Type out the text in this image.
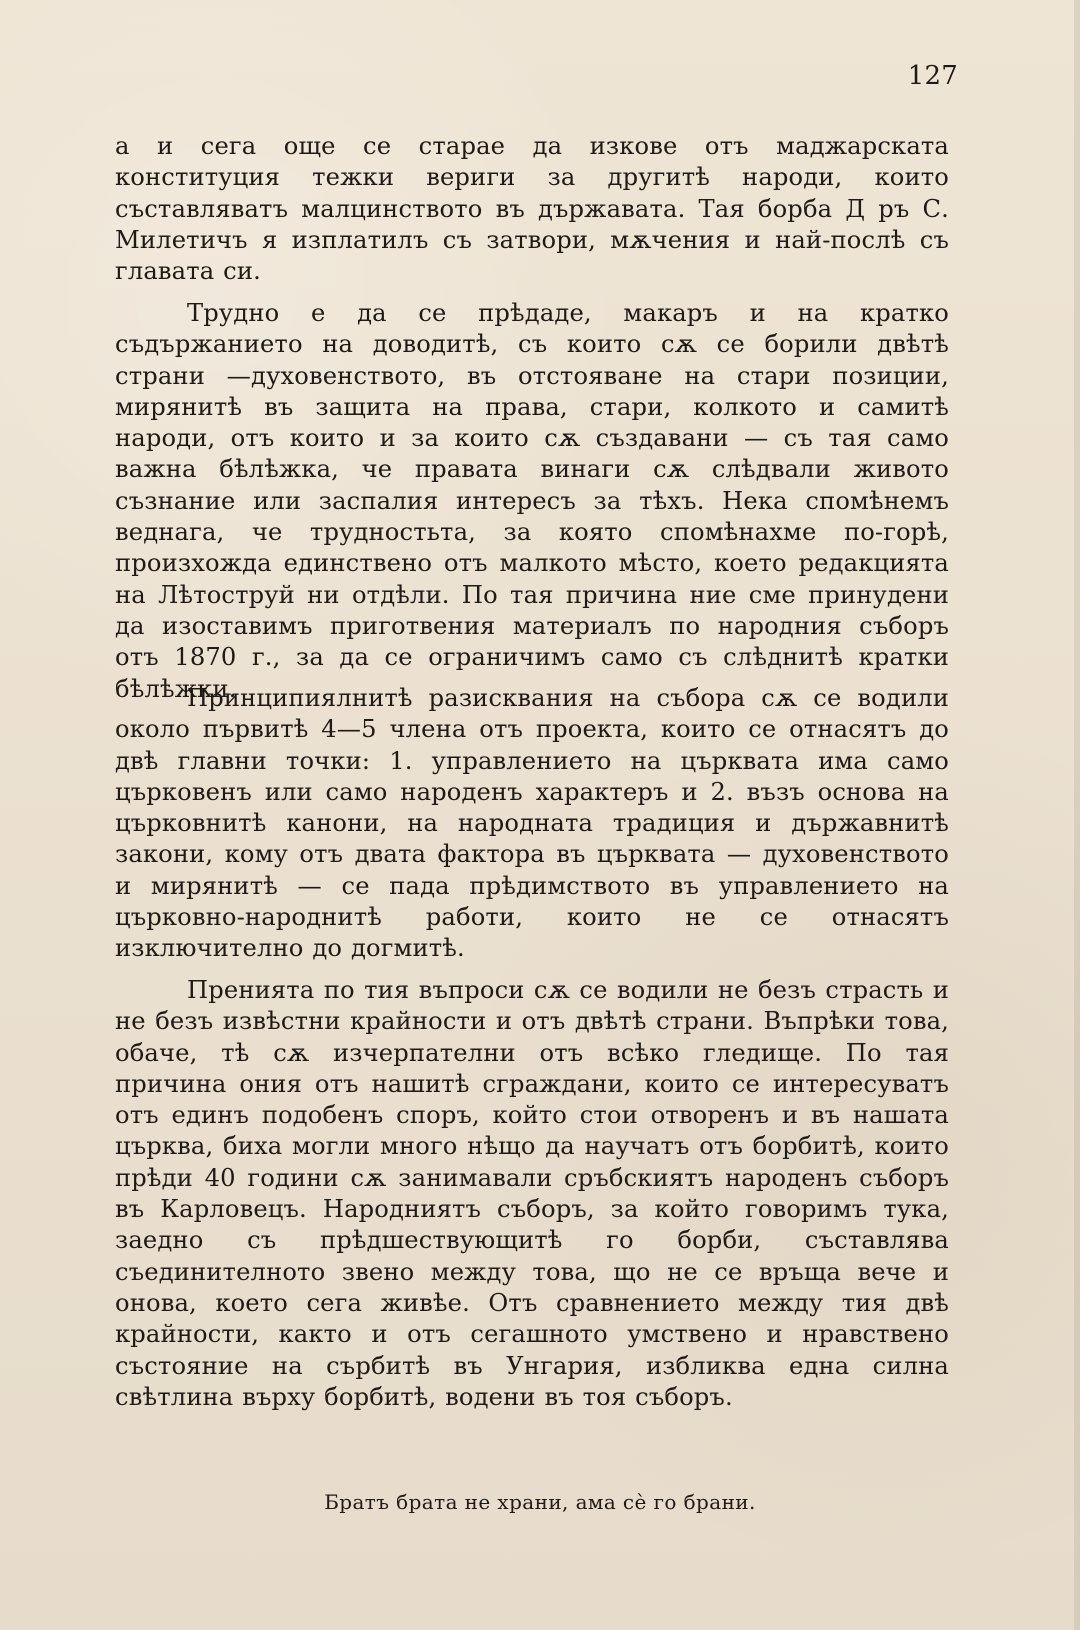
127
а и сега още се старае да изкове отъ маджарската конституция тежки вериги за другитѣ народи, които съставляватъ малцинството въ държавата. Тая борба Д ръ С. Милетичъ я изплатилъ съ затвори, мѫчения и най-послѣ съ главата си.
Трудно е да се прѣдаде, макаръ и на кратко съдържанието на доводитѣ, съ които сѫ се борили двѣтѣ страни —духовенството, въ отстояване на стари позиции, мирянитѣ въ защита на права, стари, колкото и самитѣ народи, отъ които и за които сѫ създавани — съ тая само важна бѣлѣжка, че правата винаги сѫ слѣдвали живото съзнание или заспалия интересъ за тѣхъ. Нека спомѣнемъ веднага, че трудностьта, за която спомѣнахме по-горѣ, произхожда единствено отъ малкото мѣсто, което редакцията на Лѣтоструй ни отдѣли. По тая причина ние сме принудени да изоставимъ приготвения материалъ по народния съборъ отъ 1870 г., за да се ограничимъ само съ слѣднитѣ кратки бѣлѣжки.
Принципиялнитѣ разисквания на събора сѫ се водили около първитѣ 4—5 члена отъ проекта, които се отнасятъ до двѣ главни точки: 1. управлението на църквата има само църковенъ или само народенъ характеръ и 2. възъ основа на църковнитѣ канони, на народната традиция и държавнитѣ закони, кому отъ двата фактора въ църквата — духовенството и мирянитѣ — се пада прѣдимството въ управлението на църковно-народнитѣ работи, които не се отнасятъ изключително до догмитѣ.
Пренията по тия въпроси сѫ се водили не безъ страсть и не безъ извѣстни крайности и отъ двѣтѣ страни. Въпрѣки това, обаче, тѣ сѫ изчерпателни отъ всѣко гледище. По тая причина ония отъ нашитѣ сграждани, които се интересуватъ отъ единъ подобенъ споръ, който стои отворенъ и въ нашата църква, биха могли много нѣщо да научатъ отъ борбитѣ, които прѣди 40 години сѫ занимавали сръбскиятъ народенъ съборъ въ Карловецъ. Народниятъ съборъ, за който говоримъ тука, заедно съ прѣдшествующитѣ го борби, съставлява съединителното звено между това, що не се връща вече и онова, което сега живѣе. Отъ сравнението между тия двѣ крайности, както и отъ сегашното умствено и нравствено състояние на сърбитѣ въ Унгария, избликва една силна свѣтлина върху борбитѣ, водени въ тоя съборъ.
Братъ брата не храни, ама сѐ го брани.
